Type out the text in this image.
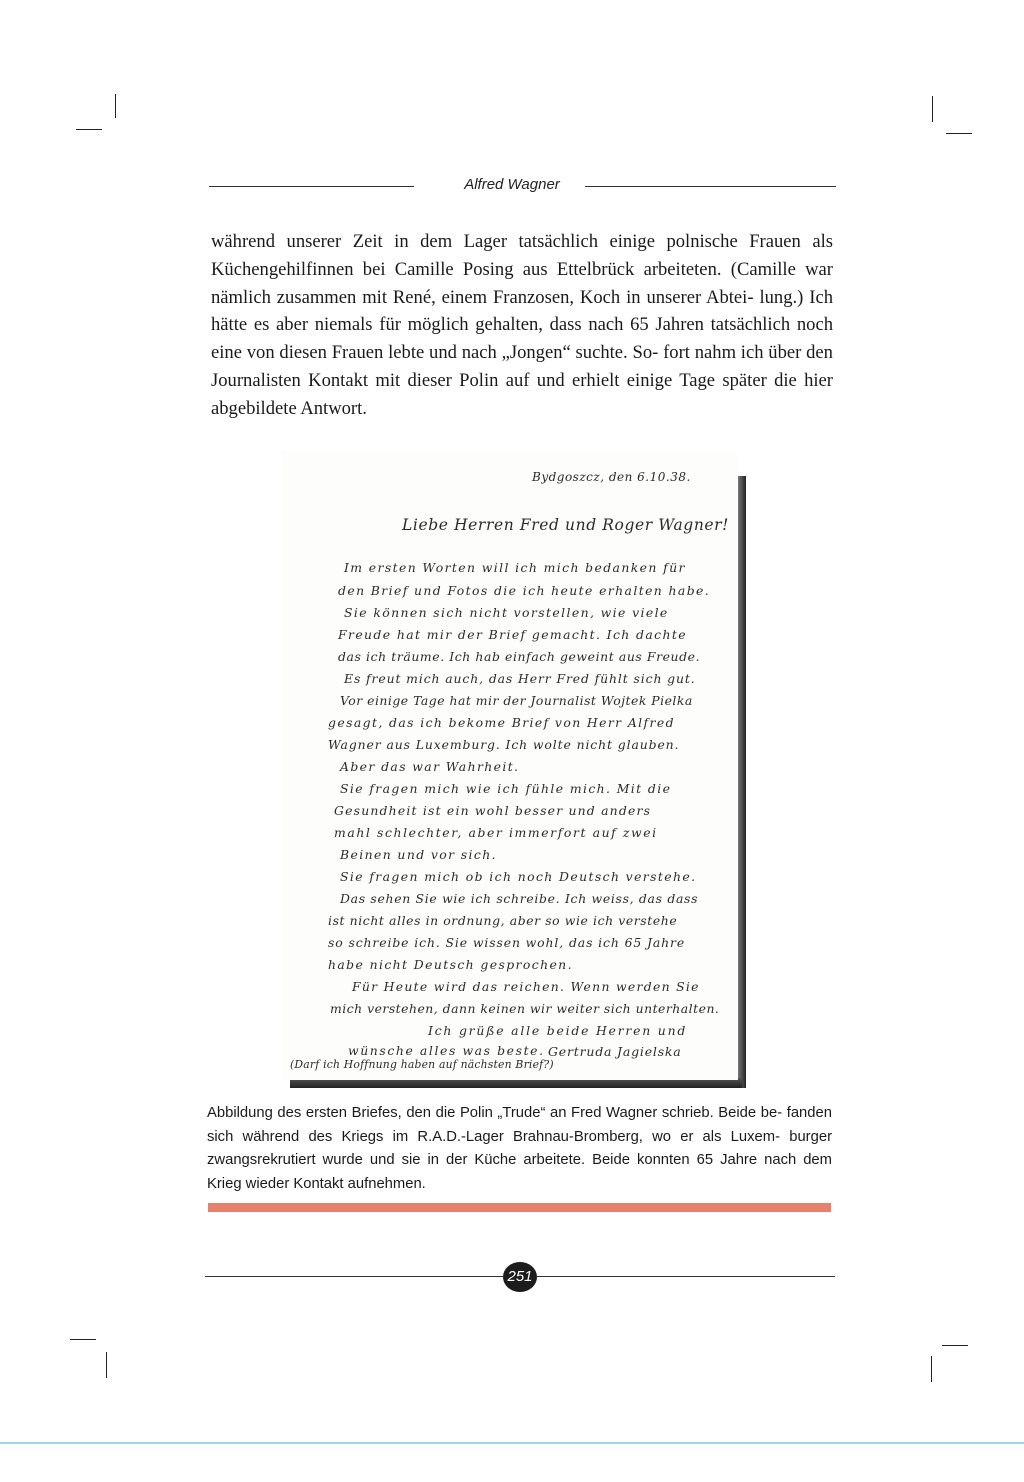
Alfred Wagner
während unserer Zeit in dem Lager tatsächlich einige polnische Frauen als Küchengehilfinnen bei Camille Posing aus Ettelbrück arbeiteten. (Camille war nämlich zusammen mit René, einem Franzosen, Koch in unserer Abtei- lung.) Ich hätte es aber niemals für möglich gehalten, dass nach 65 Jahren tatsächlich noch eine von diesen Frauen lebte und nach „Jongen“ suchte. So- fort nahm ich über den Journalisten Kontakt mit dieser Polin auf und erhielt einige Tage später die hier abgebildete Antwort.
Bydgoszcz, den 6.10.38.
Liebe Herren Fred und Roger Wagner!

Im ersten Worten will ich mich bedanken für

den Brief und Fotos die ich heute erhalten habe.

Sie können sich nicht vorstellen, wie viele

Freude hat mir der Brief gemacht. Ich dachte

das ich träume. Ich hab einfach geweint aus Freude.

Es freut mich auch, das Herr Fred fühlt sich gut.

Vor einige Tage hat mir der Journalist Wojtek Pielka

gesagt, das ich bekome Brief von Herr Alfred

Wagner aus Luxemburg. Ich wolte nicht glauben.

Aber das war Wahrheit.

Sie fragen mich wie ich fühle mich. Mit die

Gesundheit ist ein wohl besser und anders

mahl schlechter, aber immerfort auf zwei

Beinen und vor sich.

Sie fragen mich ob ich noch Deutsch verstehe.

Das sehen Sie wie ich schreibe. Ich weiss, das dass

ist nicht alles in ordnung, aber so wie ich verstehe

so schreibe ich. Sie wissen wohl, das ich 65 Jahre

habe nicht Deutsch gesprochen.

Für Heute wird das reichen. Wenn werden Sie

mich verstehen, dann keinen wir weiter sich unterhalten.

Ich grüße alle beide Herren und

wünsche alles was beste. Gertruda Jagielska
(Darf ich Hoffnung haben auf nächsten Brief?)
Abbildung des ersten Briefes, den die Polin „Trude“ an Fred Wagner schrieb. Beide be- fanden sich während des Kriegs im R.A.D.-Lager Brahnau-Bromberg, wo er als Luxem- burger zwangsrekrutiert wurde und sie in der Küche arbeitete. Beide konnten 65 Jahre nach dem Krieg wieder Kontakt aufnehmen.
251
